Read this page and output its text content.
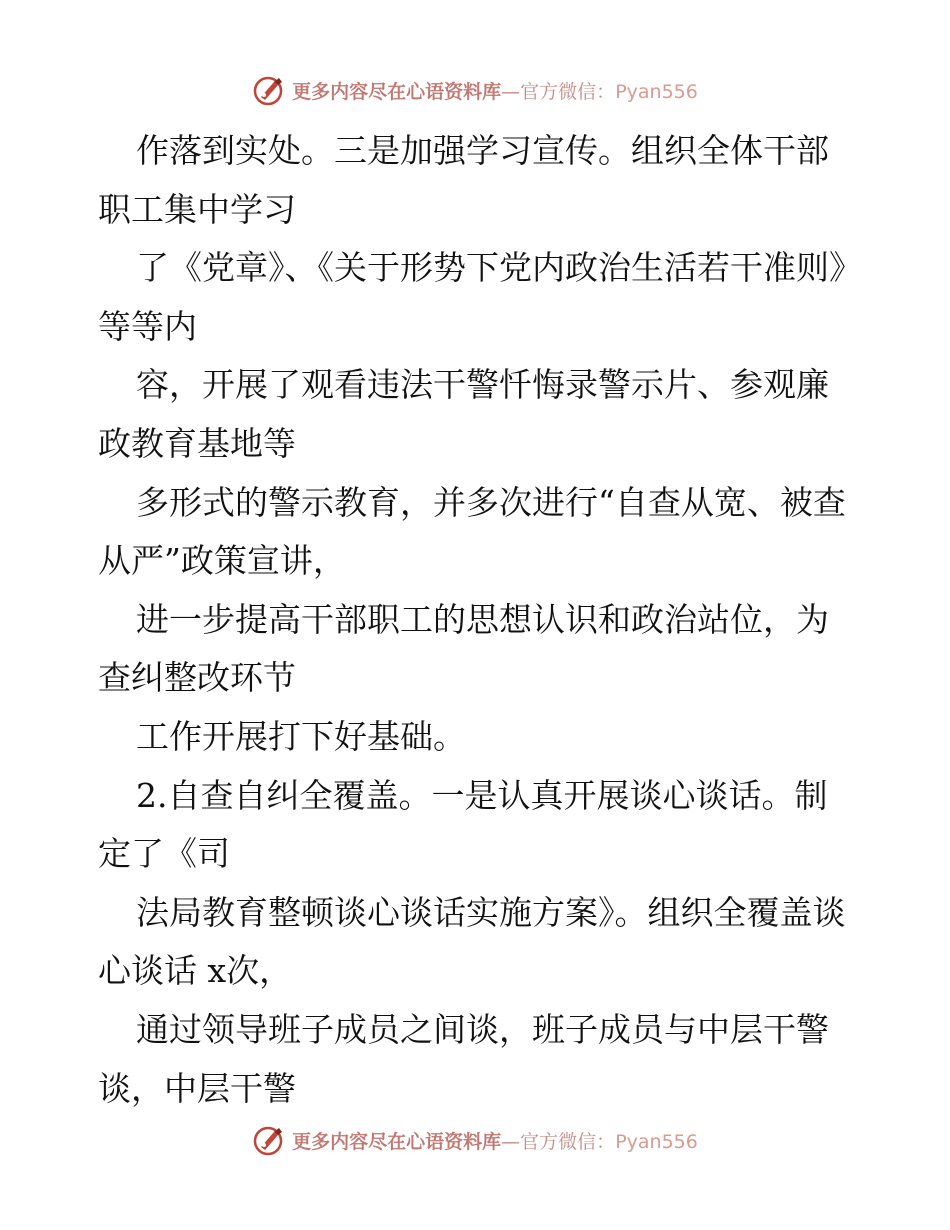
更多内容尽在心语资料库—官方微信：Pyan556

作落到实处。三是加强学习宣传。组织全体干部职工集中学习

了《党章》、《关于形势下党内政治生活若干准则》等等内

容，开展了观看违法干警忏悔录警示片、参观廉政教育基地等

多形式的警示教育，并多次进行“自查从宽、被查从严”政策宣讲，

进一步提高干部职工的思想认识和政治站位，为查纠整改环节

工作开展打下好基础。

2.自查自纠全覆盖。一是认真开展谈心谈话。制定了《司

法局教育整顿谈心谈话实施方案》。组织全覆盖谈心谈话 x次，

通过领导班子成员之间谈，班子成员与中层干警谈，中层干警

更多内容尽在心语资料库—官方微信：Pyan556
